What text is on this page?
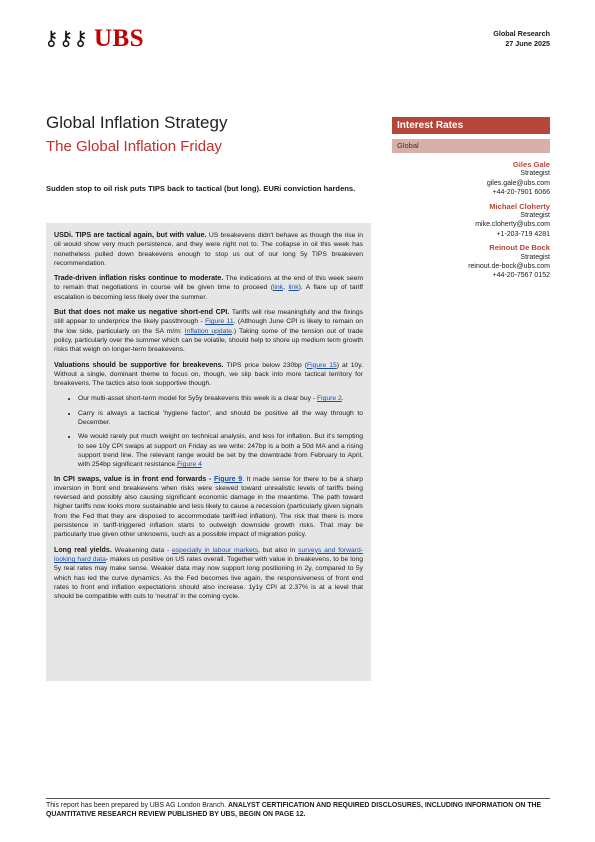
⚷⚷⚷ UBS	Global Research
27 June 2025
Global Inflation Strategy
The Global Inflation Friday
Sudden stop to oil risk puts TIPS back to tactical (but long). EURi conviction hardens.
Interest Rates
Global
Giles Gale
Strategist
giles.gale@ubs.com
+44-20-7901 6066
Michael Cloherty
Strategist
mike.cloherty@ubs.com
+1-203-719 4281
Reinout De Bock
Strategist
reinout.de-bock@ubs.com
+44-20-7567 0152

USDi. TIPS are tactical again, but with value. US breakevens didn't behave as though the rise in oil would show very much persistence, and they were right not to. The collapse in oil this week has nonetheless pulled down breakevens enough to stop us out of our long 5y TIPS breakeven recommendation.

Trade-driven inflation risks continue to moderate. The indications at the end of this week seem to remain that negotiations in course will be given time to proceed (link, link). A flare up of tariff escalation is becoming less likely over the summer.

But that does not make us negative short-end CPI. Tariffs will rise meaningfully and the fixings still appear to underprice the likely passthrough - Figure 11. (Although June CPI is likely to remain on the low side, particularly on the SA m/m: Inflation update.) Taking some of the tension out of trade policy, particularly over the summer which can be volatile, should help to shore up medium term growth risks that weigh on longer-term breakevens.

Valuations should be supportive for breakevens. TIPS price below 230bp (Figure 15) at 10y. Without a single, dominant theme to focus on, though, we slip back into more tactical territory for breakevens. The tactics also look supportive though.

• Our multi-asset short-term model for 5y5y breakevens this week is a clear buy - Figure 2.
• Carry is always a tactical 'hygiene factor', and should be positive all the way through to December.
• We would rarely put much weight on technical analysis, and less for inflation. But it's tempting to see 10y CPI swaps at support on Friday as we write: 247bp is a both a 50d MA and a rising support trend line. The relevant range would be set by the downtrade from February to April, with 254bp significant resistance.Figure 4

In CPI swaps, value is in front end forwards - Figure 9. It made sense for there to be a sharp inversion in front end breakevens when risks were skewed toward unrealistic levels of tariffs being reversed and possibly also causing significant economic damage in the meantime. The path toward higher tariffs now looks more sustainable and less likely to cause a recession (particularly given signals from the Fed that they are disposed to accommodate tariff-led inflation). The risk that there is more persistence in tariff-triggered inflation starts to outweigh downside growth risks. That may be particularly true given other unknowns, such as a possible impact of migration policy.

Long real yields. Weakening data - especially in labour markets, but also in surveys and forward-looking hard data- makes us positive on US rates overall. Together with value in breakevens, to be long 5y real rates may make sense. Weaker data may now support long positioning in 2y, compared to 5y which has led the curve dynamics. As the Fed becomes live again, the responsiveness of front end rates to front end inflation expectations should also increase. 1y1y CPI at 2.37% is at a level that should be compatible with cuts to 'neutral' in the coming cycle.

This report has been prepared by UBS AG London Branch. ANALYST CERTIFICATION AND REQUIRED DISCLOSURES, INCLUDING INFORMATION ON THE QUANTITATIVE RESEARCH REVIEW PUBLISHED BY UBS, BEGIN ON PAGE 12.
